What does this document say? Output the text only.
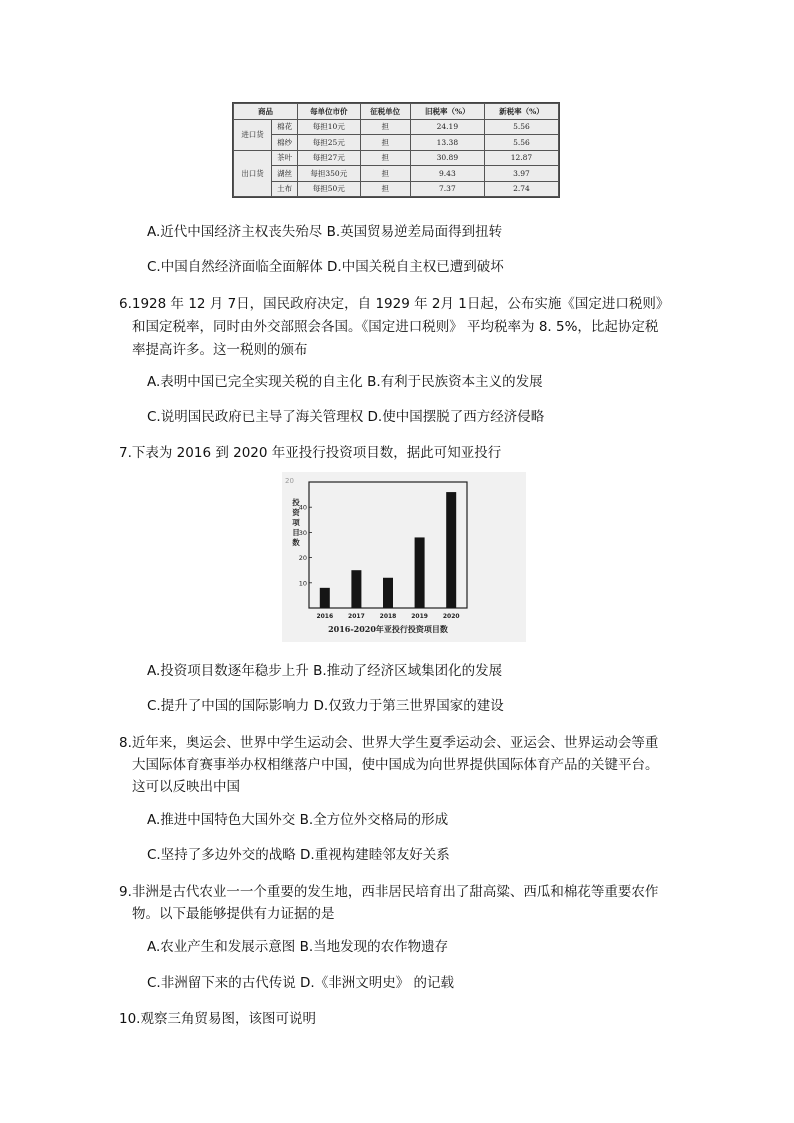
商品		每单位市价	征税单位	旧税率（%）	新税率（%）
进口货	棉花	每担10元	担	24.19	5.56
	棉纱	每担25元	担	13.38	5.56
出口货	茶叶	每担27元	担	30.89	12.87
	湖丝	每担350元	担	9.43	3.97
	土布	每担50元	担	7.37	2.74
A.近代中国经济主权丧失殆尽 B.英国贸易逆差局面得到扭转
C.中国自然经济面临全面解体 D.中国关税自主权已遭到破坏
6.1928 年 12 月 7日，国民政府决定，自 1929 年 2月 1日起，公布实施《国定进口税则》
和国定税率，同时由外交部照会各国。《国定进口税则》 平均税率为 8. 5%，比起协定税
率提高许多。这一税则的颁布
A.表明中国已完全实现关税的自主化 B.有利于民族资本主义的发展
C.说明国民政府已主导了海关管理权 D.使中国摆脱了西方经济侵略
7.下表为 2016 到 2020 年亚投行投资项目数，据此可知亚投行
20
投
资
项
目
数
10
20
30
40
2016 2017 2018 2019 2020
2016-2020年亚投行投资项目数
A.投资项目数逐年稳步上升 B.推动了经济区域集团化的发展
C.提升了中国的国际影响力 D.仅致力于第三世界国家的建设
8.近年来，奥运会、世界中学生运动会、世界大学生夏季运动会、亚运会、世界运动会等重
大国际体育赛事举办权相继落户中国，使中国成为向世界提供国际体育产品的关键平台。
这可以反映出中国
A.推进中国特色大国外交 B.全方位外交格局的形成
C.坚持了多边外交的战略 D.重视构建睦邻友好关系
9.非洲是古代农业一一个重要的发生地，西非居民培育出了甜高粱、西瓜和棉花等重要农作
物。以下最能够提供有力证据的是
A.农业产生和发展示意图 B.当地发现的农作物遗存
C.非洲留下来的古代传说 D.《非洲文明史》 的记载
10.观察三角贸易图，该图可说明
